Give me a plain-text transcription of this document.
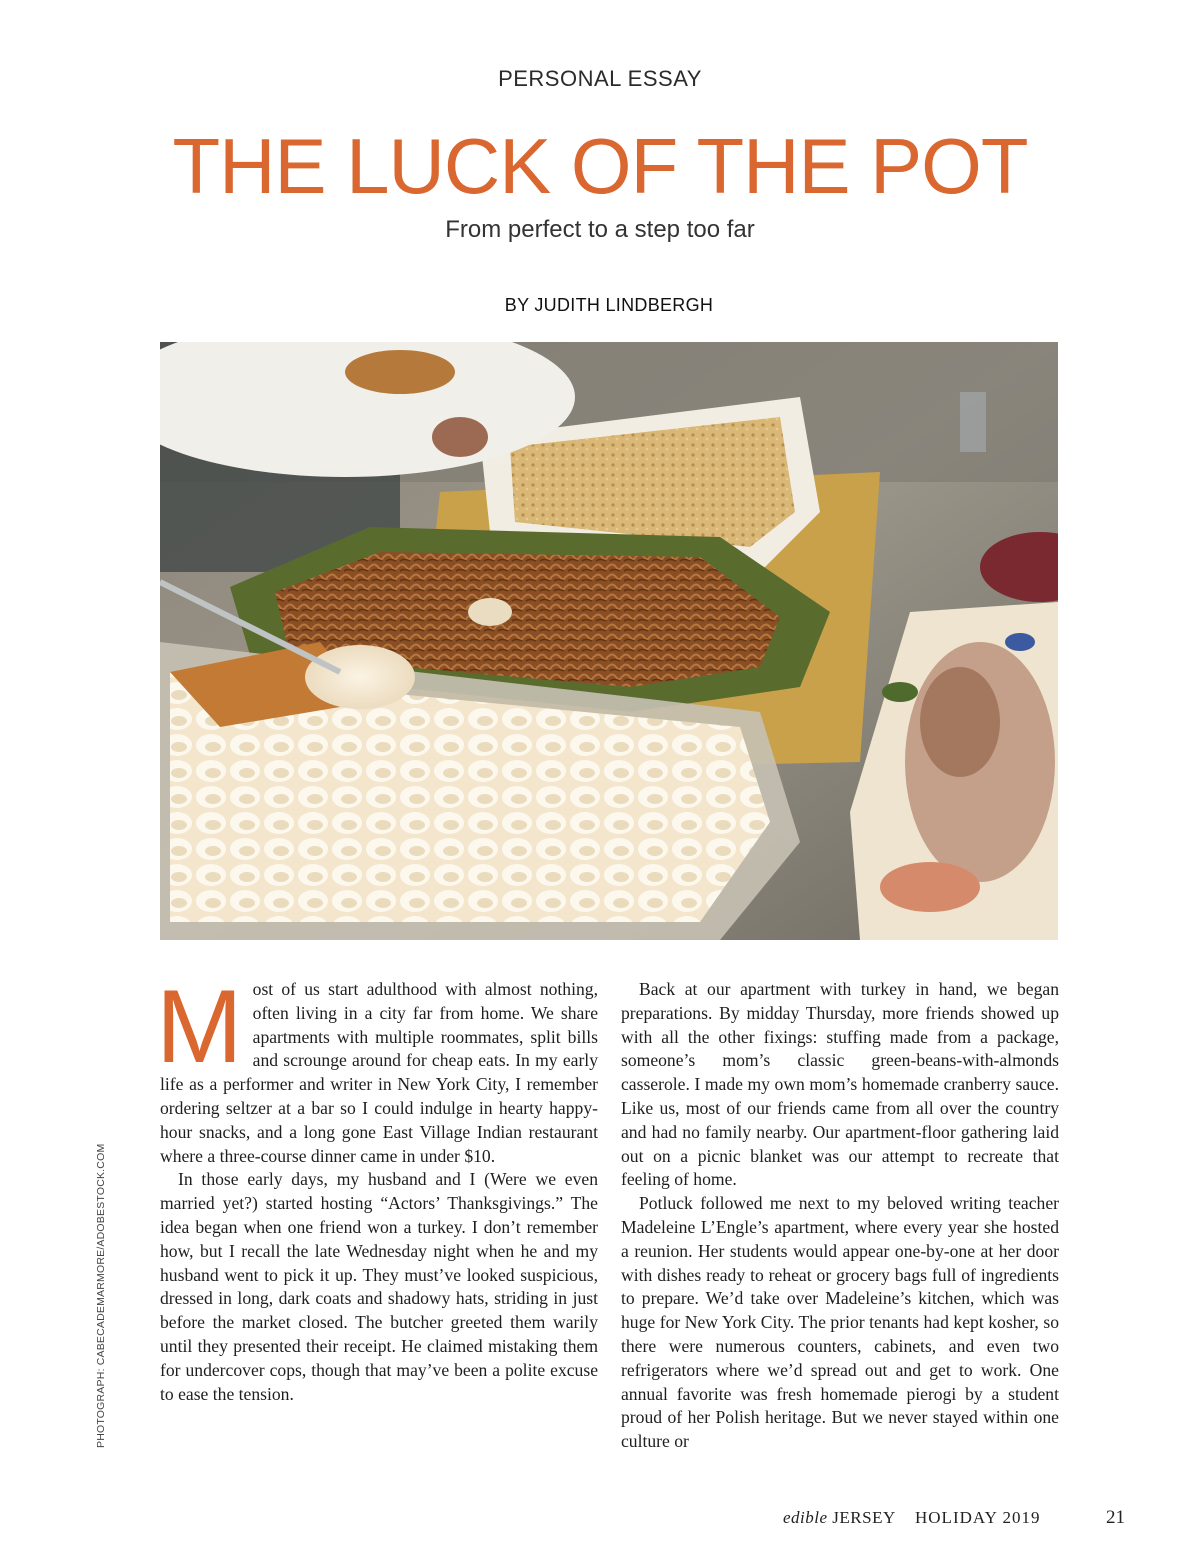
PERSONAL ESSAY
THE LUCK OF THE POT
From perfect to a step too far
BY JUDITH LINDBERGH
PHOTOGRAPH: CABECADEMARMORE/ADOBESTOCK.COM
M ost of us start adulthood with almost nothing, often living in a city far from home. We share apartments with multiple roommates, split bills and scrounge around for cheap eats. In my early life as a performer and writer in New York City, I remember ordering seltzer at a bar so I could indulge in hearty happy-hour snacks, and a long gone East Village Indian restaurant where a three-course dinner came in under $10.

In those early days, my husband and I (Were we even married yet?) started hosting “Actors’ Thanksgivings.” The idea began when one friend won a turkey. I don’t remember how, but I recall the late Wednesday night when he and my husband went to pick it up. They must’ve looked suspicious, dressed in long, dark coats and shadowy hats, striding in just before the market closed. The butcher greeted them warily until they presented their receipt. He claimed mistaking them for undercover cops, though that may’ve been a polite excuse to ease the tension.

Back at our apartment with turkey in hand, we began preparations. By midday Thursday, more friends showed up with all the other fixings: stuffing made from a package, someone’s mom’s classic green-beans-with-almonds casserole. I made my own mom’s homemade cranberry sauce. Like us, most of our friends came from all over the country and had no family nearby. Our apartment-floor gathering laid out on a picnic blanket was our attempt to recreate that feeling of home.

Potluck followed me next to my beloved writing teacher Madeleine L’Engle’s apartment, where every year she hosted a reunion. Her students would appear one-by-one at her door with dishes ready to reheat or grocery bags full of ingredients to prepare. We’d take over Madeleine’s kitchen, which was huge for New York City. The prior tenants had kept kosher, so there were numerous counters, cabinets, and even two refrigerators where we’d spread out and get to work. One annual favorite was fresh homemade pierogi by a student proud of her Polish heritage. But we never stayed within one culture or

edible JERSEY HOLIDAY 2019	21
